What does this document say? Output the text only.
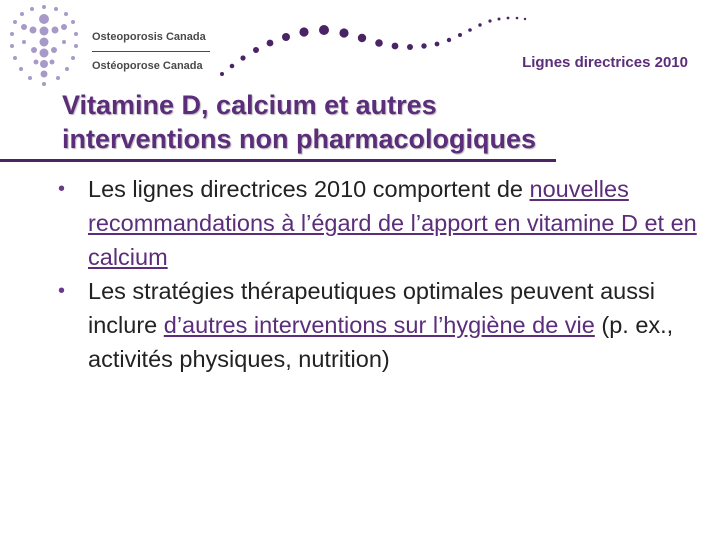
Osteoporosis Canada
Ostéoporose Canada	Lignes directrices 2010
Vitamine D, calcium et autres
interventions non pharmacologiques
• Les lignes directrices 2010 comportent de nouvelles recommandations à l’égard de l’apport en vitamine D et en calcium
• Les stratégies thérapeutiques optimales peuvent aussi inclure d’autres interventions sur l’hygiène de vie (p. ex., activités physiques, nutrition)
